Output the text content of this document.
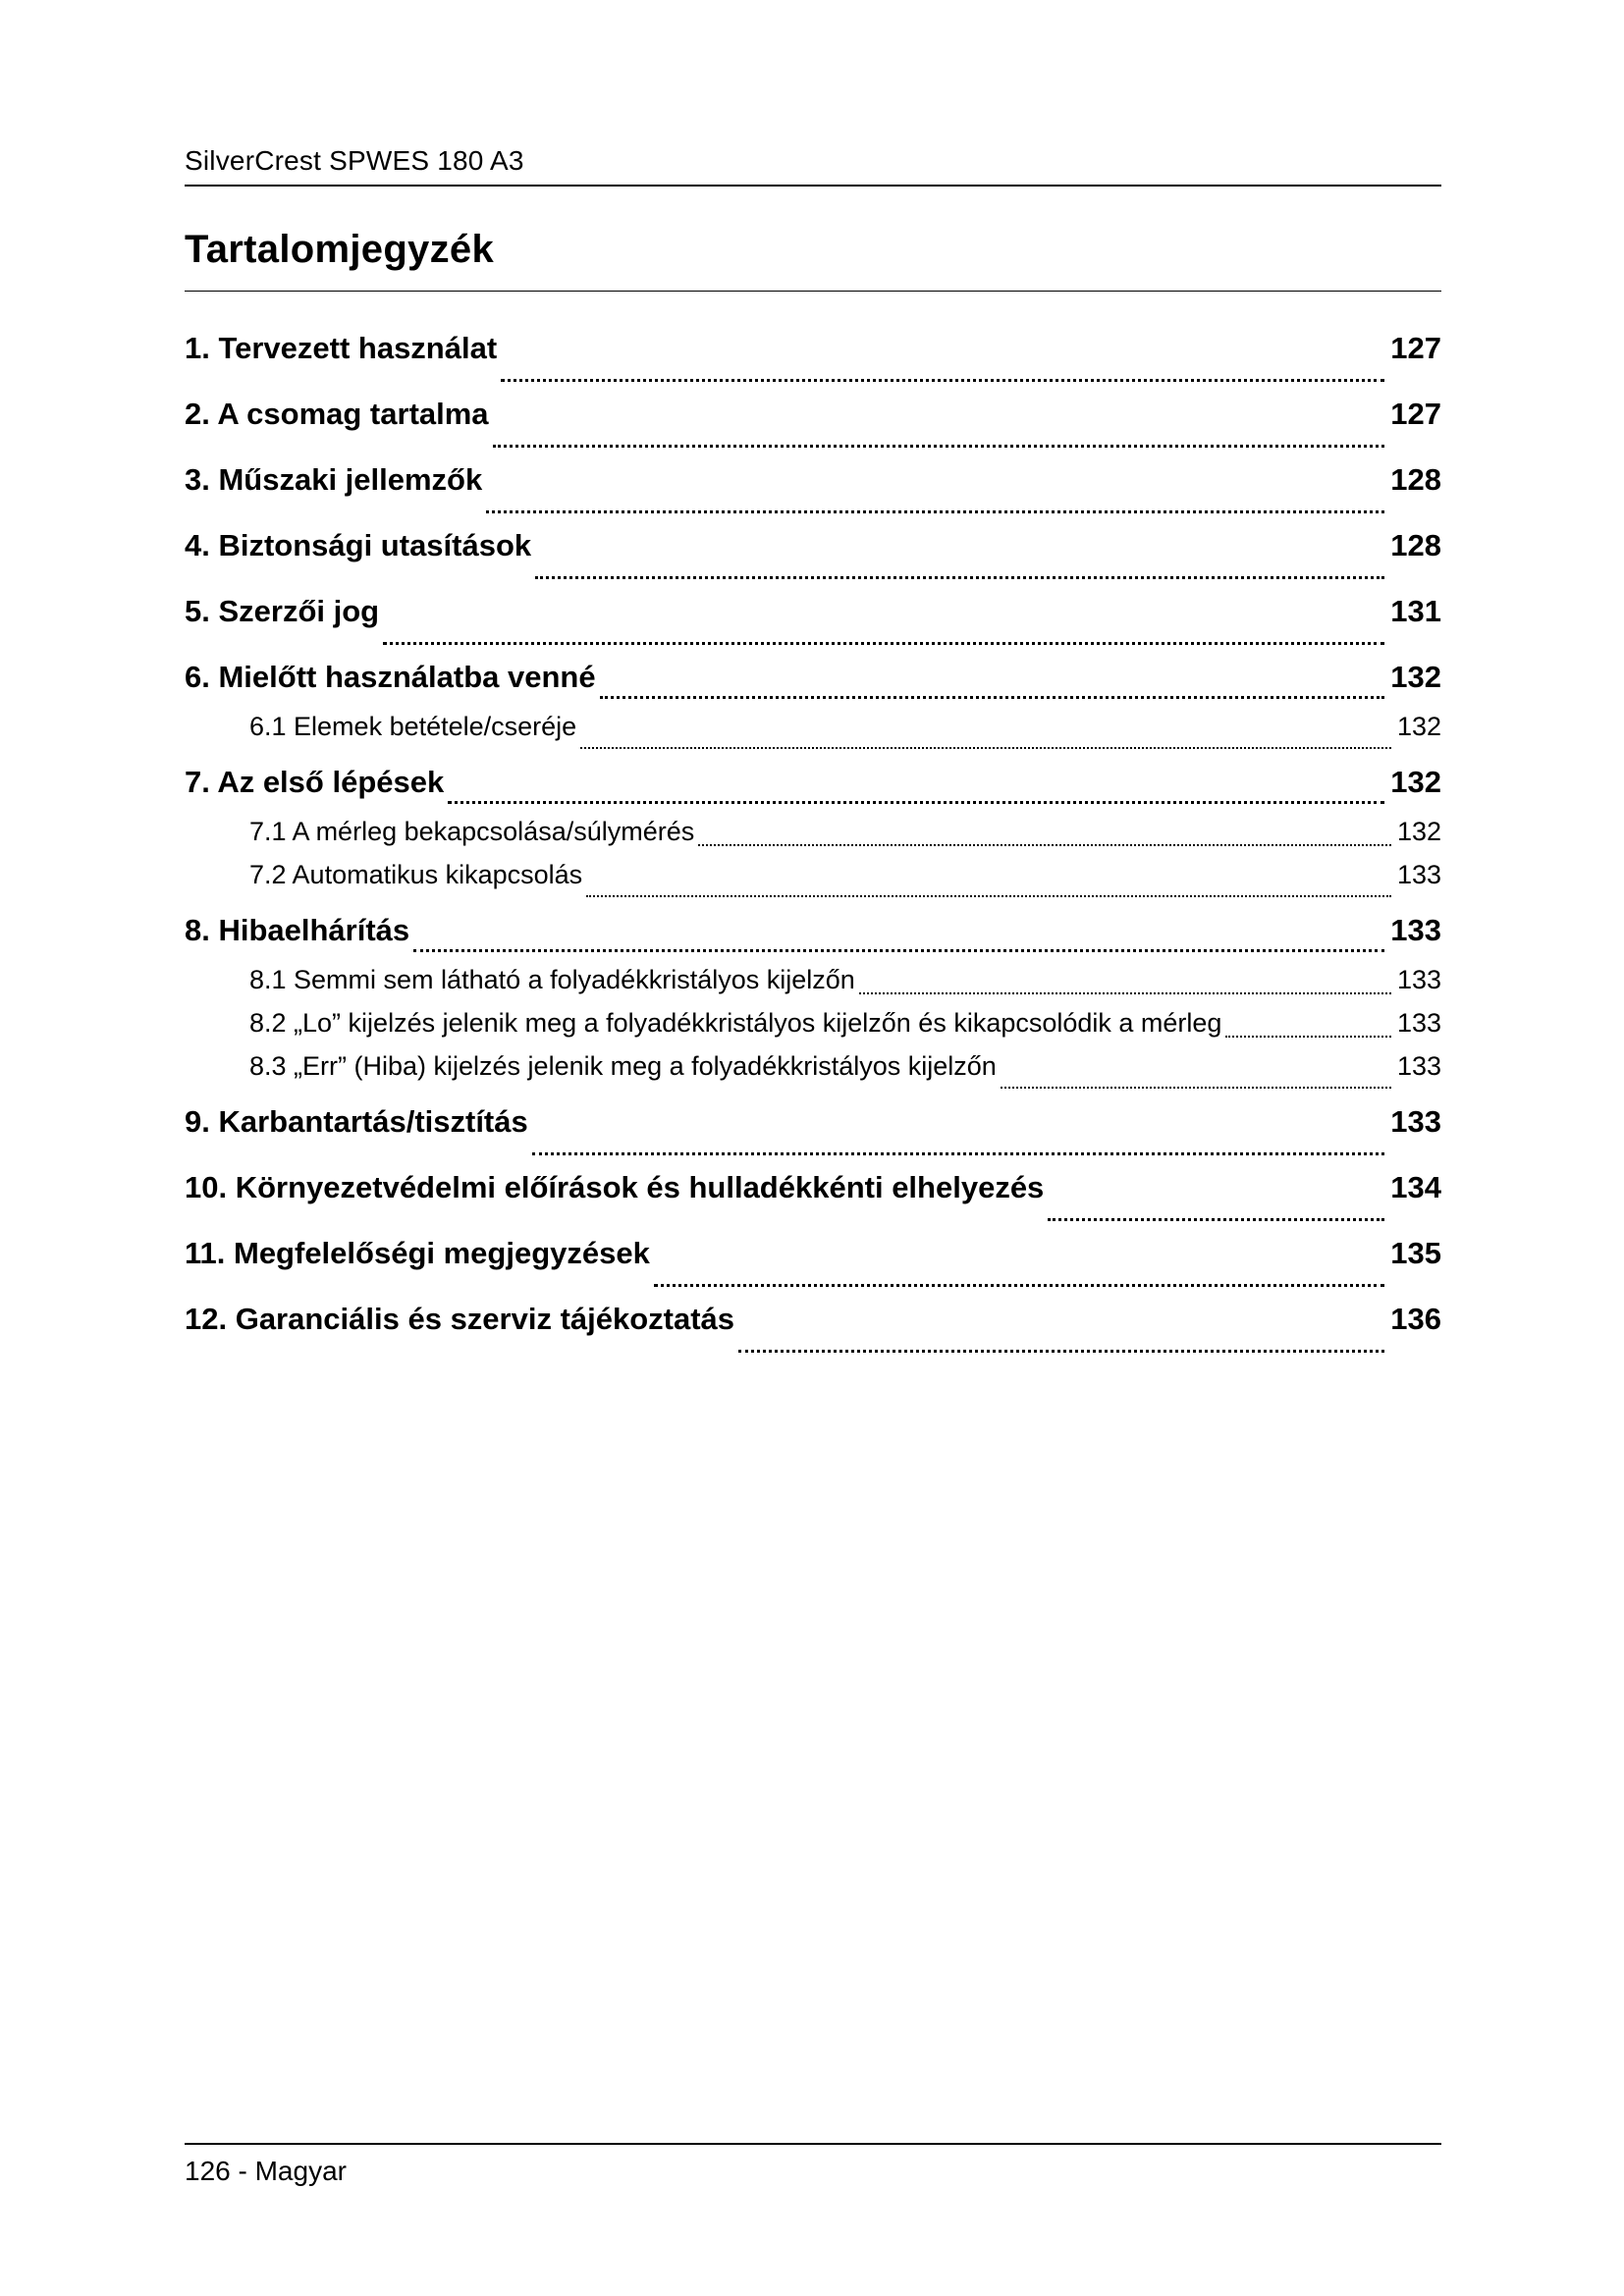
SilverCrest SPWES 180 A3
Tartalomjegyzék
1. Tervezett használat	127
2. A csomag tartalma	127
3. Műszaki jellemzők	128
4. Biztonsági utasítások	128
5. Szerzői jog	131
6. Mielőtt használatba venné	132
6.1 Elemek betétele/cseréje	132
7. Az első lépések	132
7.1 A mérleg bekapcsolása/súlymérés	132
7.2 Automatikus kikapcsolás	133
8. Hibaelhárítás	133
8.1 Semmi sem látható a folyadékkristályos kijelzőn	133
8.2 „Lo” kijelzés jelenik meg a folyadékkristályos kijelzőn és kikapcsolódik a mérleg	133
8.3 „Err” (Hiba) kijelzés jelenik meg a folyadékkristályos kijelzőn	133
9. Karbantartás/tisztítás	133
10. Környezetvédelmi előírások és hulladékkénti elhelyezés	134
11. Megfelelőségi megjegyzések	135
12. Garanciális és szerviz tájékoztatás	136
126 - Magyar
